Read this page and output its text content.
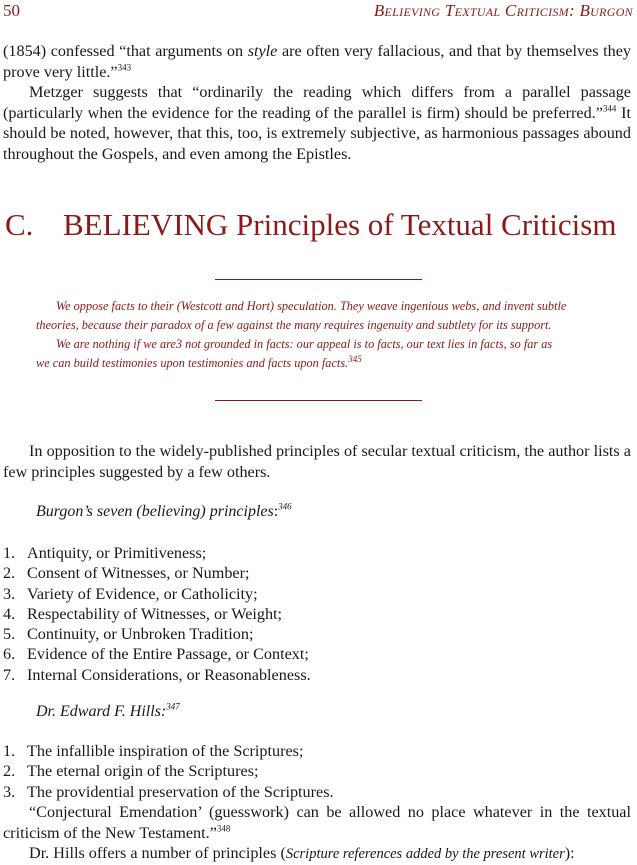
50	Believing Textual Criticism: Burgon

(1854) confessed “that arguments on style are often very fallacious, and that by themselves they prove very little.”$^{343}$

Metzger suggests that “ordinarily the reading which differs from a parallel passage (particularly when the evidence for the reading of the parallel is firm) should be preferred.”$^{344}$ It should be noted, however, that this, too, is extremely subjective, as harmonious passages abound throughout the Gospels, and even among the Epistles.

C. BELIEVING Principles of Textual Criticism

We oppose facts to their (Westcott and Hort) speculation. They weave ingenious webs, and invent subtle

theories, because their paradox of a few against the many requires ingenuity and subtlety for its support.

We are nothing if we are3 not grounded in facts: our appeal is to facts, our text lies in facts, so far as

we can build testimonies upon testimonies and facts upon facts.$^{345}$

In opposition to the widely-published principles of secular textual criticism, the author lists a few principles suggested by a few others.

Burgon’s seven (believing) principles:$^{346}$
1. Antiquity, or Primitiveness;
2. Consent of Witnesses, or Number;
3. Variety of Evidence, or Catholicity;
4. Respectability of Witnesses, or Weight;
5. Continuity, or Unbroken Tradition;
6. Evidence of the Entire Passage, or Context;
7. Internal Considerations, or Reasonableness.
Dr. Edward F. Hills:$^{347}$
1. The infallible inspiration of the Scriptures;
2. The eternal origin of the Scriptures;
3. The providential preservation of the Scriptures.

“Conjectural Emendation’ (guesswork) can be allowed no place whatever in the textual criticism of the New Testament.”$^{348}$

Dr. Hills offers a number of principles (Scripture references added by the present writer):
